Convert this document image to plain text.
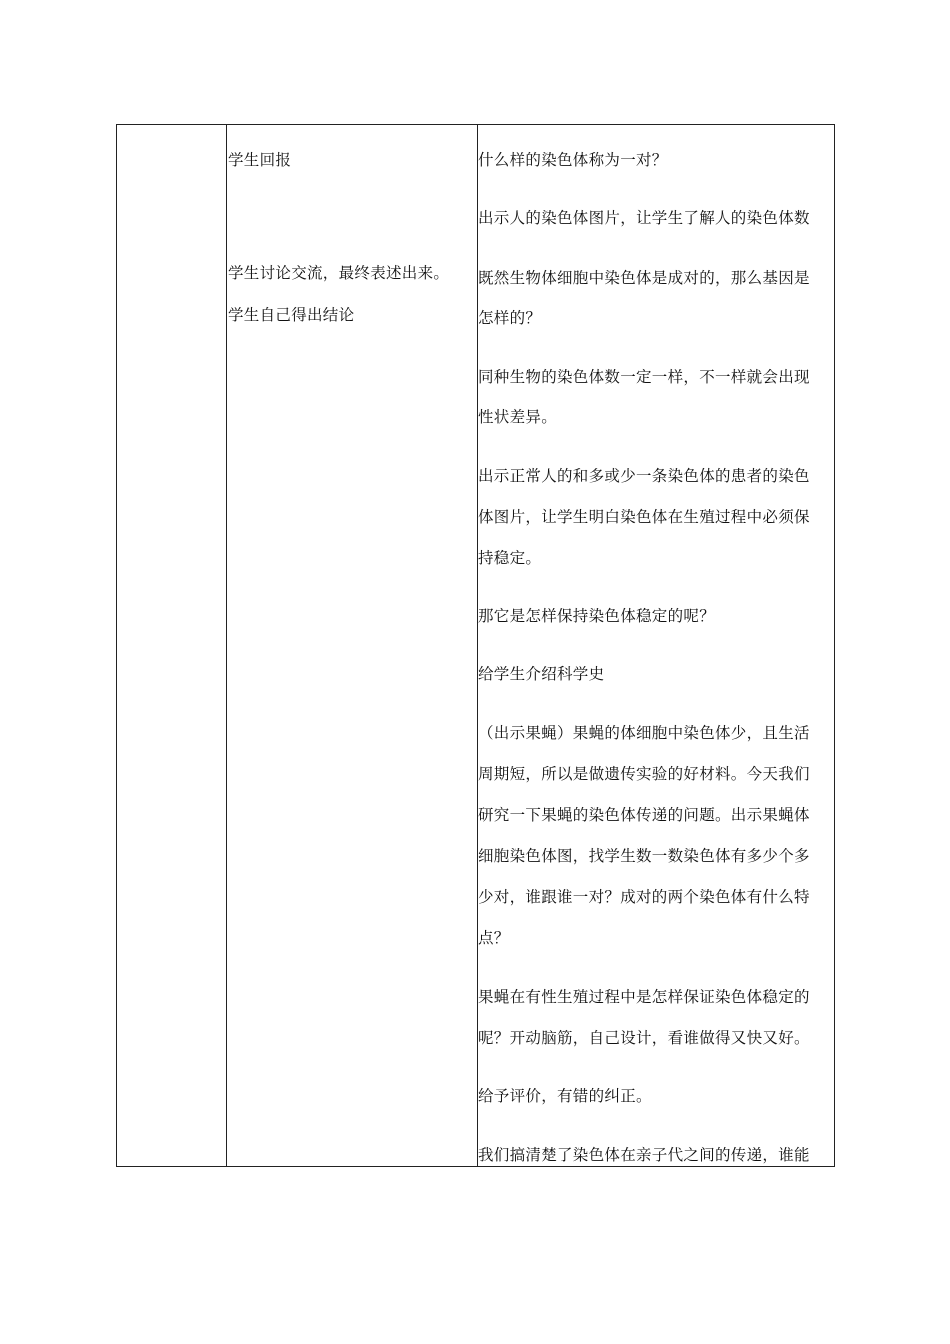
学生回报
学生讨论交流，最终表述出来。
学生自己得出结论
什么样的染色体称为一对？
出示人的染色体图片，让学生了解人的染色体数
既然生物体细胞中染色体是成对的，那么基因是
怎样的？
同种生物的染色体数一定一样，不一样就会出现
性状差异。
出示正常人的和多或少一条染色体的患者的染色
体图片，让学生明白染色体在生殖过程中必须保
持稳定。
那它是怎样保持染色体稳定的呢？
给学生介绍科学史
（出示果蝇）果蝇的体细胞中染色体少，且生活
周期短，所以是做遗传实验的好材料。今天我们
研究一下果蝇的染色体传递的问题。出示果蝇体
细胞染色体图，找学生数一数染色体有多少个多
少对，谁跟谁一对？成对的两个染色体有什么特
点？
果蝇在有性生殖过程中是怎样保证染色体稳定的
呢？开动脑筋，自己设计，看谁做得又快又好。
给予评价，有错的纠正。
我们搞清楚了染色体在亲子代之间的传递，谁能
